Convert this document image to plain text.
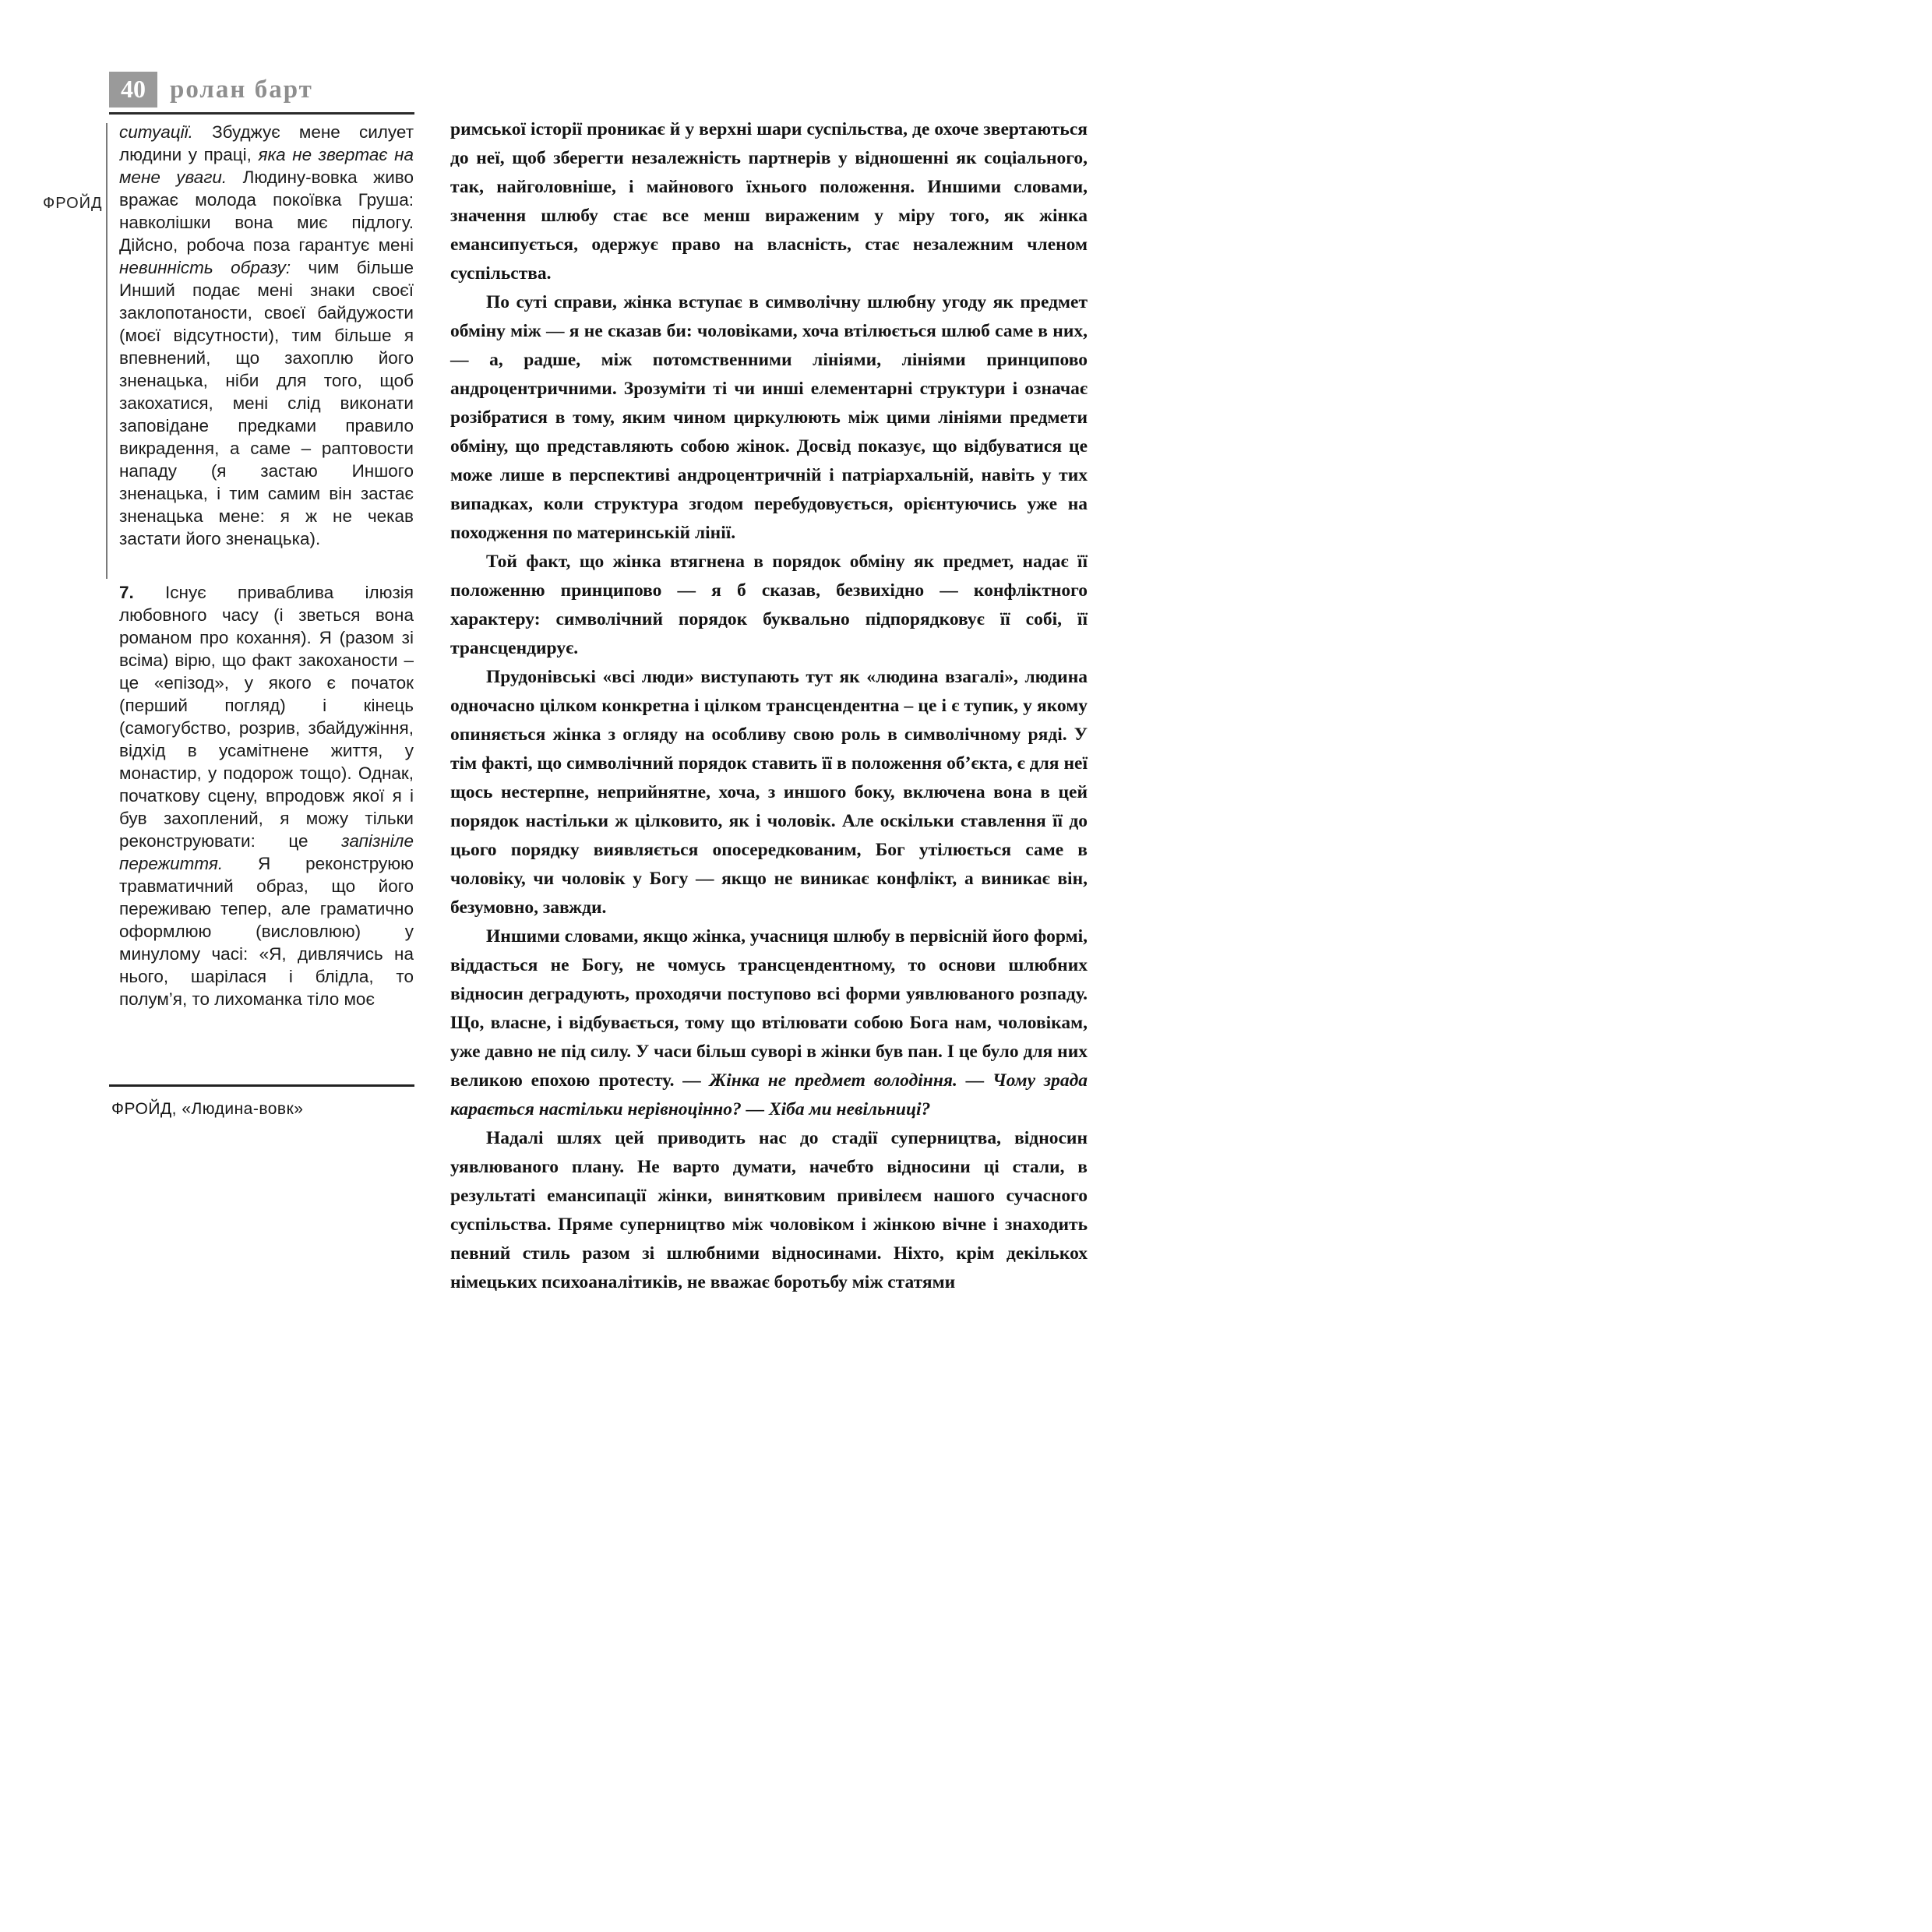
40 ролан барт
ФРОЙД

ситуації. Збуджує мене силует людини у праці, яка не звертає на мене уваги. Людину-вовка живо вражає молода покоївка Груша: навколішки вона миє підлогу. Дійсно, робоча поза гарантує мені невинність образу: чим більше Инший подає мені знаки своєї заклопотаности, своєї байдужости (моєї відсутности), тим більше я впевнений, що захоплю його зненацька, ніби для того, щоб закохатися, мені слід виконати заповідане предками правило викрадення, а саме – раптовости нападу (я застаю Иншого зненацька, і тим самим він застає зненацька мене: я ж не чекав застати його зненацька).

7. Існує приваблива ілюзія любовного часу (і зветься вона романом про кохання). Я (разом зі всіма) вірю, що факт закоханости – це «епізод», у якого є початок (перший погляд) і кінець (самогубство, розрив, збайдужіння, відхід в усамітнене життя, у монастир, у подорож тощо). Однак, початкову сцену, впродовж якої я і був захоплений, я можу тільки реконструювати: це запізніле пережиття. Я реконструюю травматичний образ, що його переживаю тепер, але граматично оформлюю (висловлюю) у минулому часі: «Я, дивлячись на нього, шарілася і блідла, то полум’я, то лихоманка тіло моє

ФРОЙД, «Людина-вовк»

римської історії проникає й у верхні шари суспільства, де охоче звертаються до неї, щоб зберегти незалежність партнерів у відношенні як соціального, так, найголовніше, і майнового їхнього положення. Иншими словами, значення шлюбу стає все менш вираженим у міру того, як жінка емансипується, одержує право на власність, стає незалежним членом суспільства.

По суті справи, жінка вступає в символічну шлюбну угоду як предмет обміну між — я не сказав би: чоловіками, хоча втілюється шлюб саме в них, — а, радше, між потомственними лініями, лініями принципово андроцентричними. Зрозуміти ті чи инші елементарні структури і означає розібратися в тому, яким чином циркулюють між цими лініями предмети обміну, що представляють собою жінок. Досвід показує, що відбуватися це може лише в перспективі андроцентричній і патріархальній, навіть у тих випадках, коли структура згодом перебудовується, орієнтуючись уже на походження по материнській лінії.

Той факт, що жінка втягнена в порядок обміну як предмет, надає її положенню принципово — я б сказав, безвихідно — конфліктного характеру: символічний порядок буквально підпорядковує її собі, її трансцендирує.

Прудонівські «всі люди» виступають тут як «людина взагалі», людина одночасно цілком конкретна і цілком трансцендентна – це і є тупик, у якому опиняється жінка з огляду на особливу свою роль в символічному ряді. У тім факті, що символічний порядок ставить її в положення об’єкта, є для неї щось нестерпне, неприйнятне, хоча, з иншого боку, включена вона в цей порядок настільки ж цілковито, як і чоловік. Але оскільки ставлення її до цього порядку виявляється опосередкованим, Бог утілюється саме в чоловіку, чи чоловік у Богу — якщо не виникає конфлікт, а виникає він, безумовно, завжди.

Иншими словами, якщо жінка, учасниця шлюбу в первісній його формі, віддасться не Богу, не чомусь трансцендентному, то основи шлюбних відносин деградують, проходячи поступово всі форми уявлюваного розпаду. Що, власне, і відбувається, тому що втілювати собою Бога нам, чоловікам, уже давно не під силу. У часи більш суворі в жінки був пан. І це було для них великою епохою протесту. — Жінка не предмет володіння. — Чому зрада карається настільки нерівноцінно? — Хіба ми невільниці?

Надалі шлях цей приводить нас до стадії суперництва, відносин уявлюваного плану. Не варто думати, начебто відносини ці стали, в результаті емансипації жінки, винятковим привілеєм нашого сучасного суспільства. Пряме суперництво між чоловіком і жінкою вічне і знаходить певний стиль разом зі шлюбними відносинами. Ніхто, крім декількох німецьких психоаналітиків, не вважає боротьбу між статями
